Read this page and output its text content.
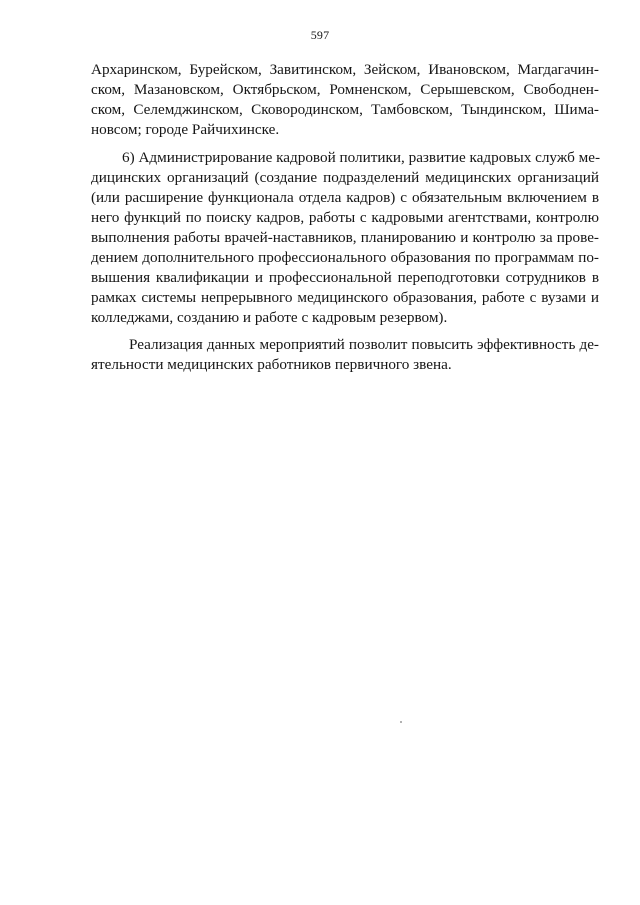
597
Архаринском, Бурейском, Завитинском, Зейском, Ивановском, Магдагачин-
ском, Мазановском, Октябрьском, Ромненском, Серышевском, Свободнен-
ском, Селемджинском, Сковородинском, Тамбовском, Тындинском, Шима-
новсом; городе Райчихинске.
6) Администрирование кадровой политики, развитие кадровых служб ме-
дицинских организаций (создание подразделений медицинских организаций
(или расширение функционала отдела кадров) с обязательным включением в
него функций по поиску кадров, работы с кадровыми агентствами, контролю
выполнения работы врачей-наставников, планированию и контролю за прове-
дением дополнительного профессионального образования по программам по-
вышения квалификации и профессиональной переподготовки сотрудников в
рамках системы непрерывного медицинского образования, работе с вузами и
колледжами, созданию и работе с кадровым резервом).
Реализация данных мероприятий позволит повысить эффективность де-
ятельности медицинских работников первичного звена.
